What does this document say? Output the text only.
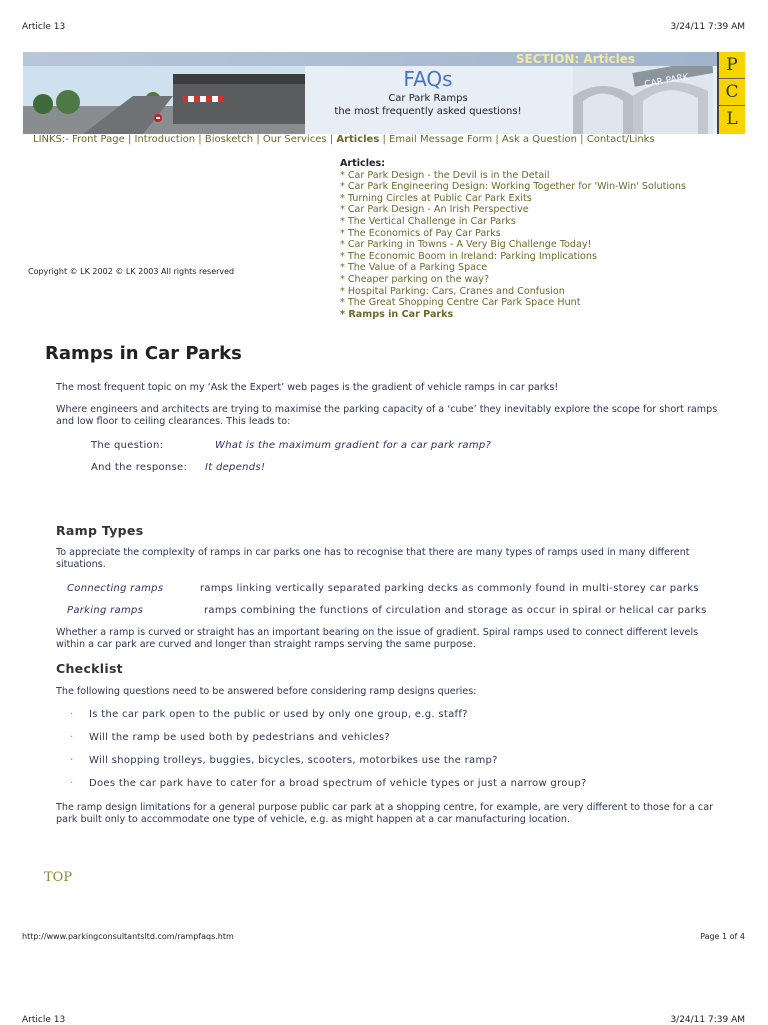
Article 13	3/24/11 7:39 AM
SECTION: Articles
FAQs
Car Park Ramps
the most frequently asked questions!
CAR PARK
P
C
L
LINKS:- Front Page | Introduction | Biosketch | Our Services | Articles | Email Message Form | Ask a Question | Contact/Links
Articles:
* Car Park Design - the Devil is in the Detail
* Car Park Engineering Design: Working Together for 'Win-Win' Solutions
* Turning Circles at Public Car Park Exits
* Car Park Design - An Irish Perspective
* The Vertical Challenge in Car Parks
* The Economics of Pay Car Parks
* Car Parking in Towns - A Very Big Challenge Today!
* The Economic Boom in Ireland: Parking Implications
* The Value of a Parking Space
* Cheaper parking on the way?
* Hospital Parking: Cars, Cranes and Confusion
* The Great Shopping Centre Car Park Space Hunt
* Ramps in Car Parks
Copyright © LK 2002 © LK 2003 All rights reserved
Ramps in Car Parks
The most frequent topic on my ‘Ask the Expert’ web pages is the gradient of vehicle ramps in car parks!
Where engineers and architects are trying to maximise the parking capacity of a ‘cube’ they inevitably explore the scope for short ramps and low floor to ceiling clearances. This leads to:
The question:	What is the maximum gradient for a car park ramp?
And the response: It depends!
Ramp Types
To appreciate the complexity of ramps in car parks one has to recognise that there are many types of ramps used in many different situations.
Connecting ramps	ramps linking vertically separated parking decks as commonly found in multi-storey car parks
Parking ramps	ramps combining the functions of circulation and storage as occur in spiral or helical car parks
Whether a ramp is curved or straight has an important bearing on the issue of gradient. Spiral ramps used to connect different levels within a car park are curved and longer than straight ramps serving the same purpose.
Checklist
The following questions need to be answered before considering ramp designs queries:
· Is the car park open to the public or used by only one group, e.g. staff?
· Will the ramp be used both by pedestrians and vehicles?
· Will shopping trolleys, buggies, bicycles, scooters, motorbikes use the ramp?
· Does the car park have to cater for a broad spectrum of vehicle types or just a narrow group?
The ramp design limitations for a general purpose public car park at a shopping centre, for example, are very different to those for a car park built only to accommodate one type of vehicle, e.g. as might happen at a car manufacturing location.
TOP
http://www.parkingconsultantsltd.com/rampfaqs.htm	Page 1 of 4
Article 13	3/24/11 7:39 AM
